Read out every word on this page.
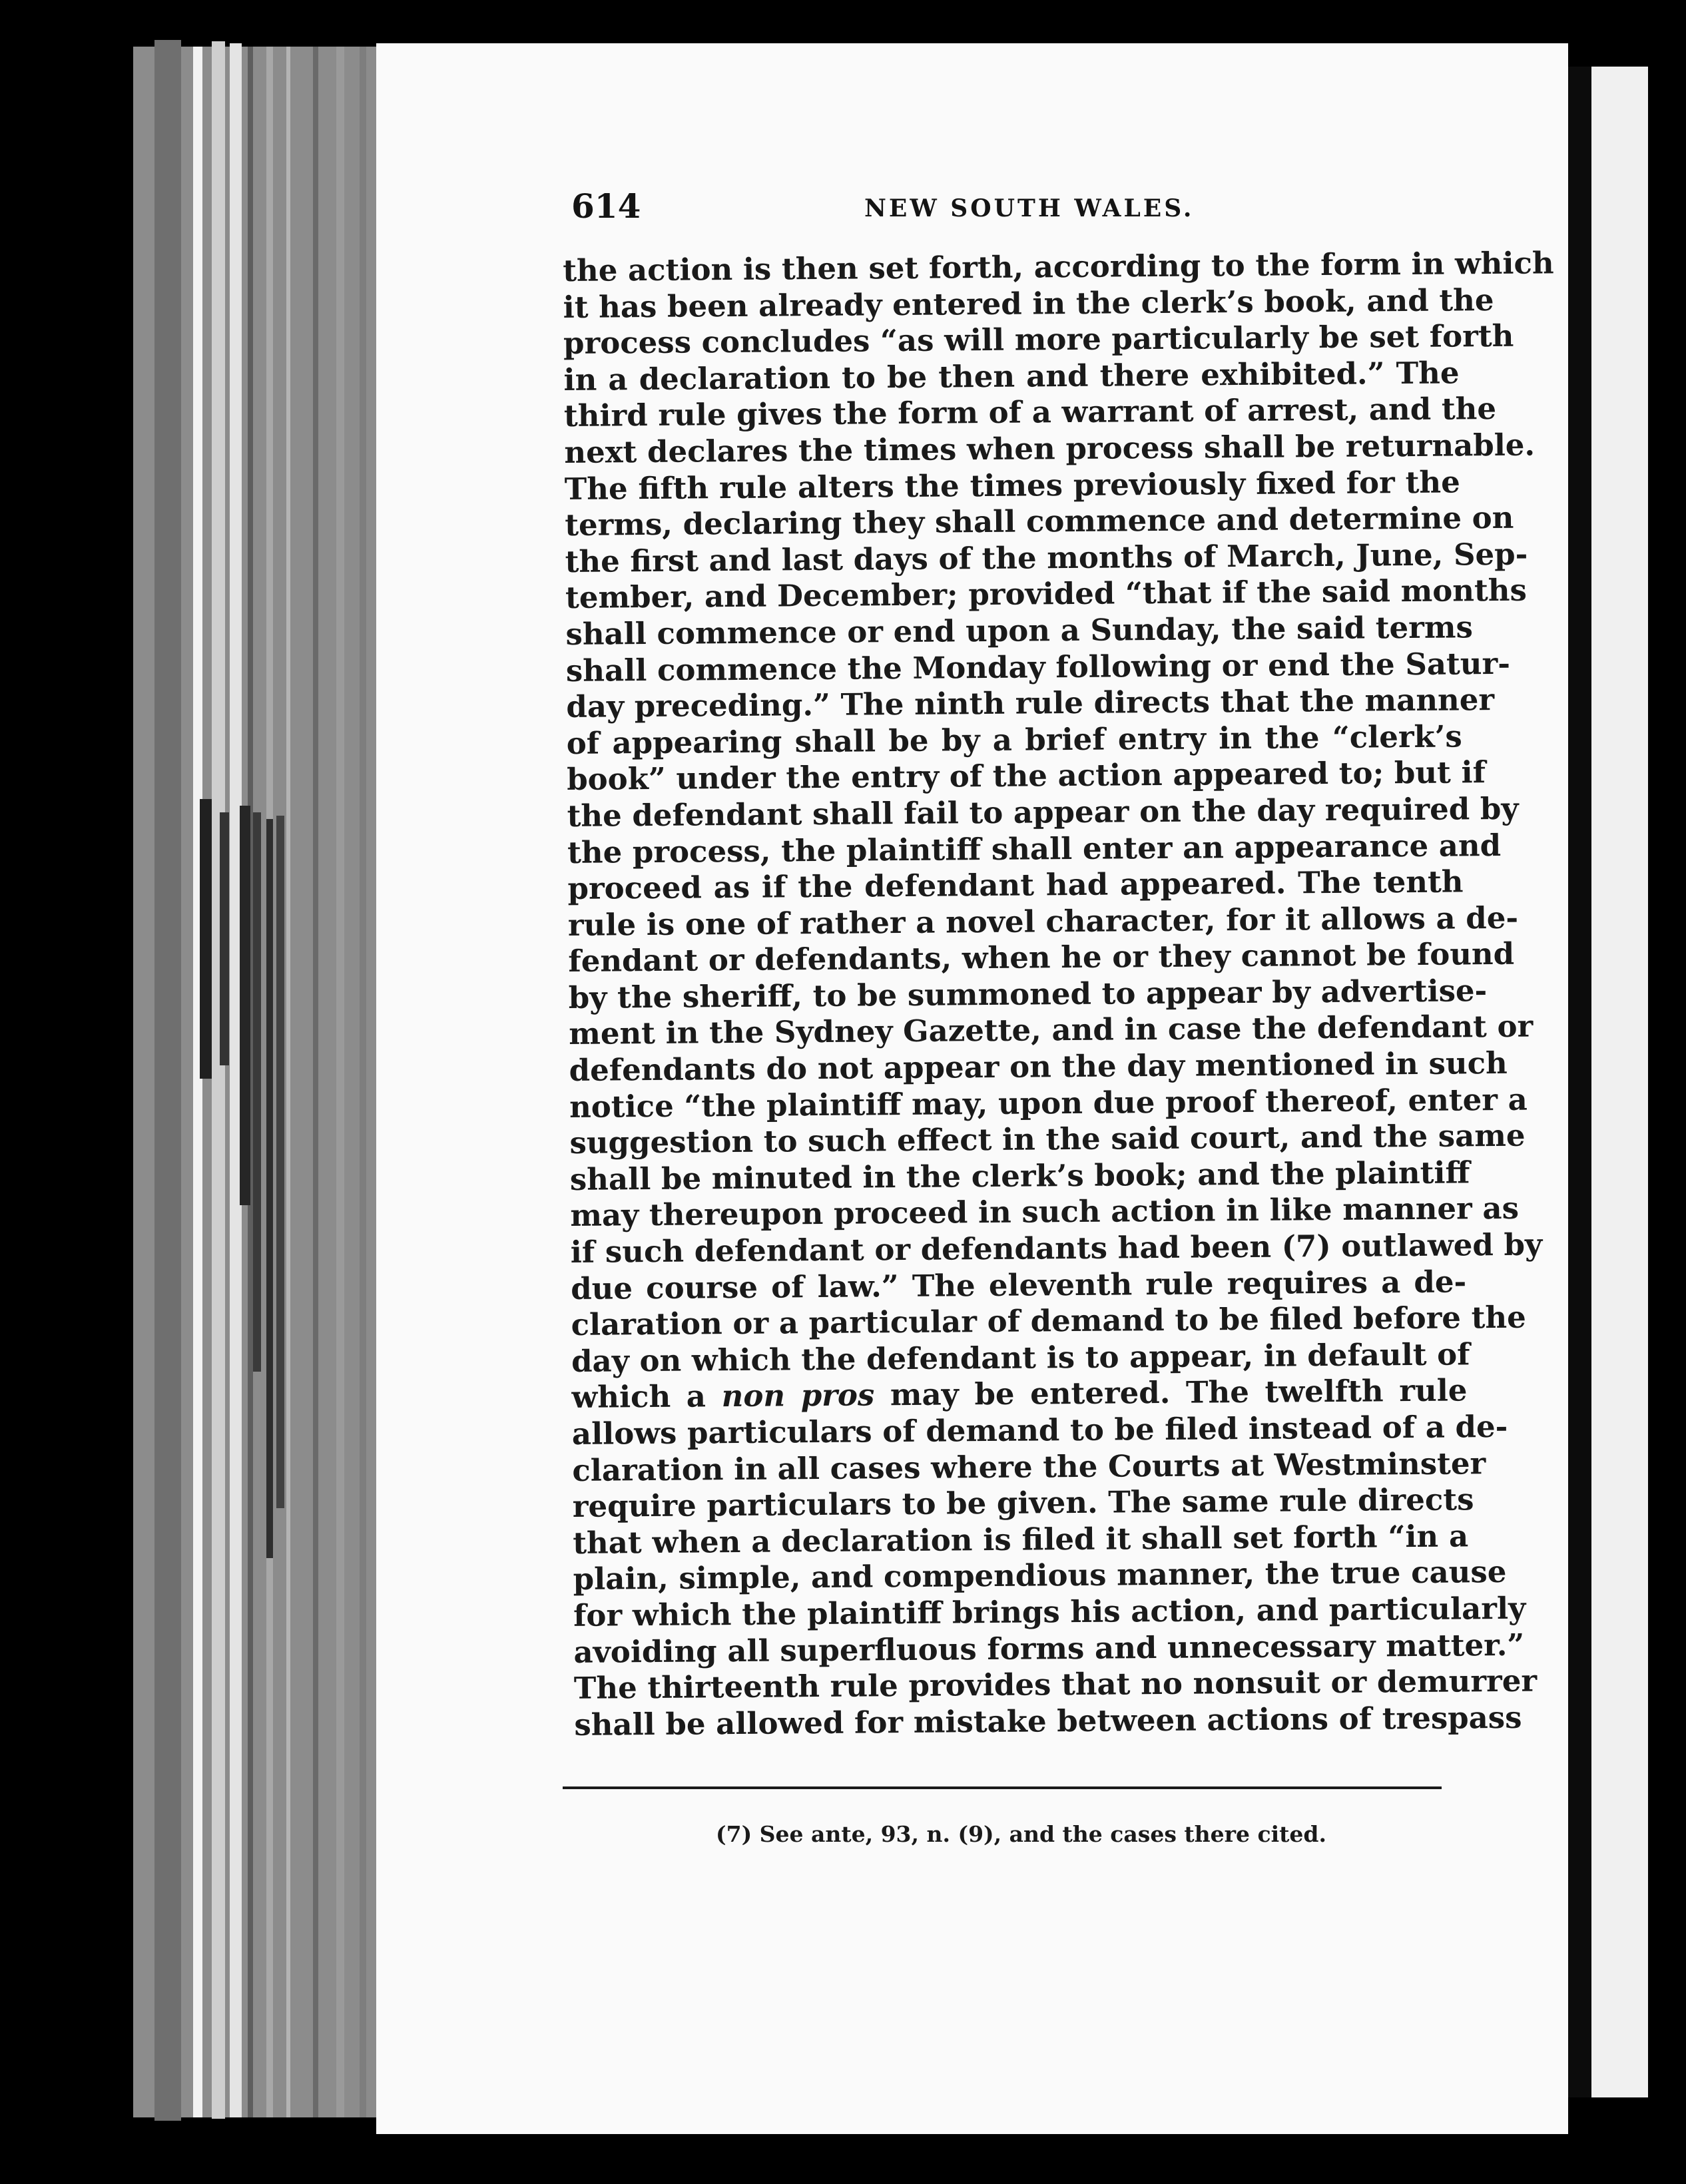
614	NEW SOUTH WALES.
the action is then set forth, according to the form in which
it has been already entered in the clerk’s book, and the
process concludes “as will more particularly be set forth
in a declaration to be then and there exhibited.” The
third rule gives the form of a warrant of arrest, and the
next declares the times when process shall be returnable.
The fifth rule alters the times previously fixed for the
terms, declaring they shall commence and determine on
the first and last days of the months of March, June, Sep-
tember, and December; provided “that if the said months
shall commence or end upon a Sunday, the said terms
shall commence the Monday following or end the Satur-
day preceding.” The ninth rule directs that the manner
of appearing shall be by a brief entry in the “clerk’s
book” under the entry of the action appeared to; but if
the defendant shall fail to appear on the day required by
the process, the plaintiff shall enter an appearance and
proceed as if the defendant had appeared. The tenth
rule is one of rather a novel character, for it allows a de-
fendant or defendants, when he or they cannot be found
by the sheriff, to be summoned to appear by advertise-
ment in the Sydney Gazette, and in case the defendant or
defendants do not appear on the day mentioned in such
notice “the plaintiff may, upon due proof thereof, enter a
suggestion to such effect in the said court, and the same
shall be minuted in the clerk’s book; and the plaintiff
may thereupon proceed in such action in like manner as
if such defendant or defendants had been (7) outlawed by
due course of law.” The eleventh rule requires a de-
claration or a particular of demand to be filed before the
day on which the defendant is to appear, in default of
which a non pros may be entered. The twelfth rule
allows particulars of demand to be filed instead of a de-
claration in all cases where the Courts at Westminster
require particulars to be given. The same rule directs
that when a declaration is filed it shall set forth “in a
plain, simple, and compendious manner, the true cause
for which the plaintiff brings his action, and particularly
avoiding all superfluous forms and unnecessary matter.”
The thirteenth rule provides that no nonsuit or demurrer
shall be allowed for mistake between actions of trespass
(7) See ante, 93, n. (9), and the cases there cited.
